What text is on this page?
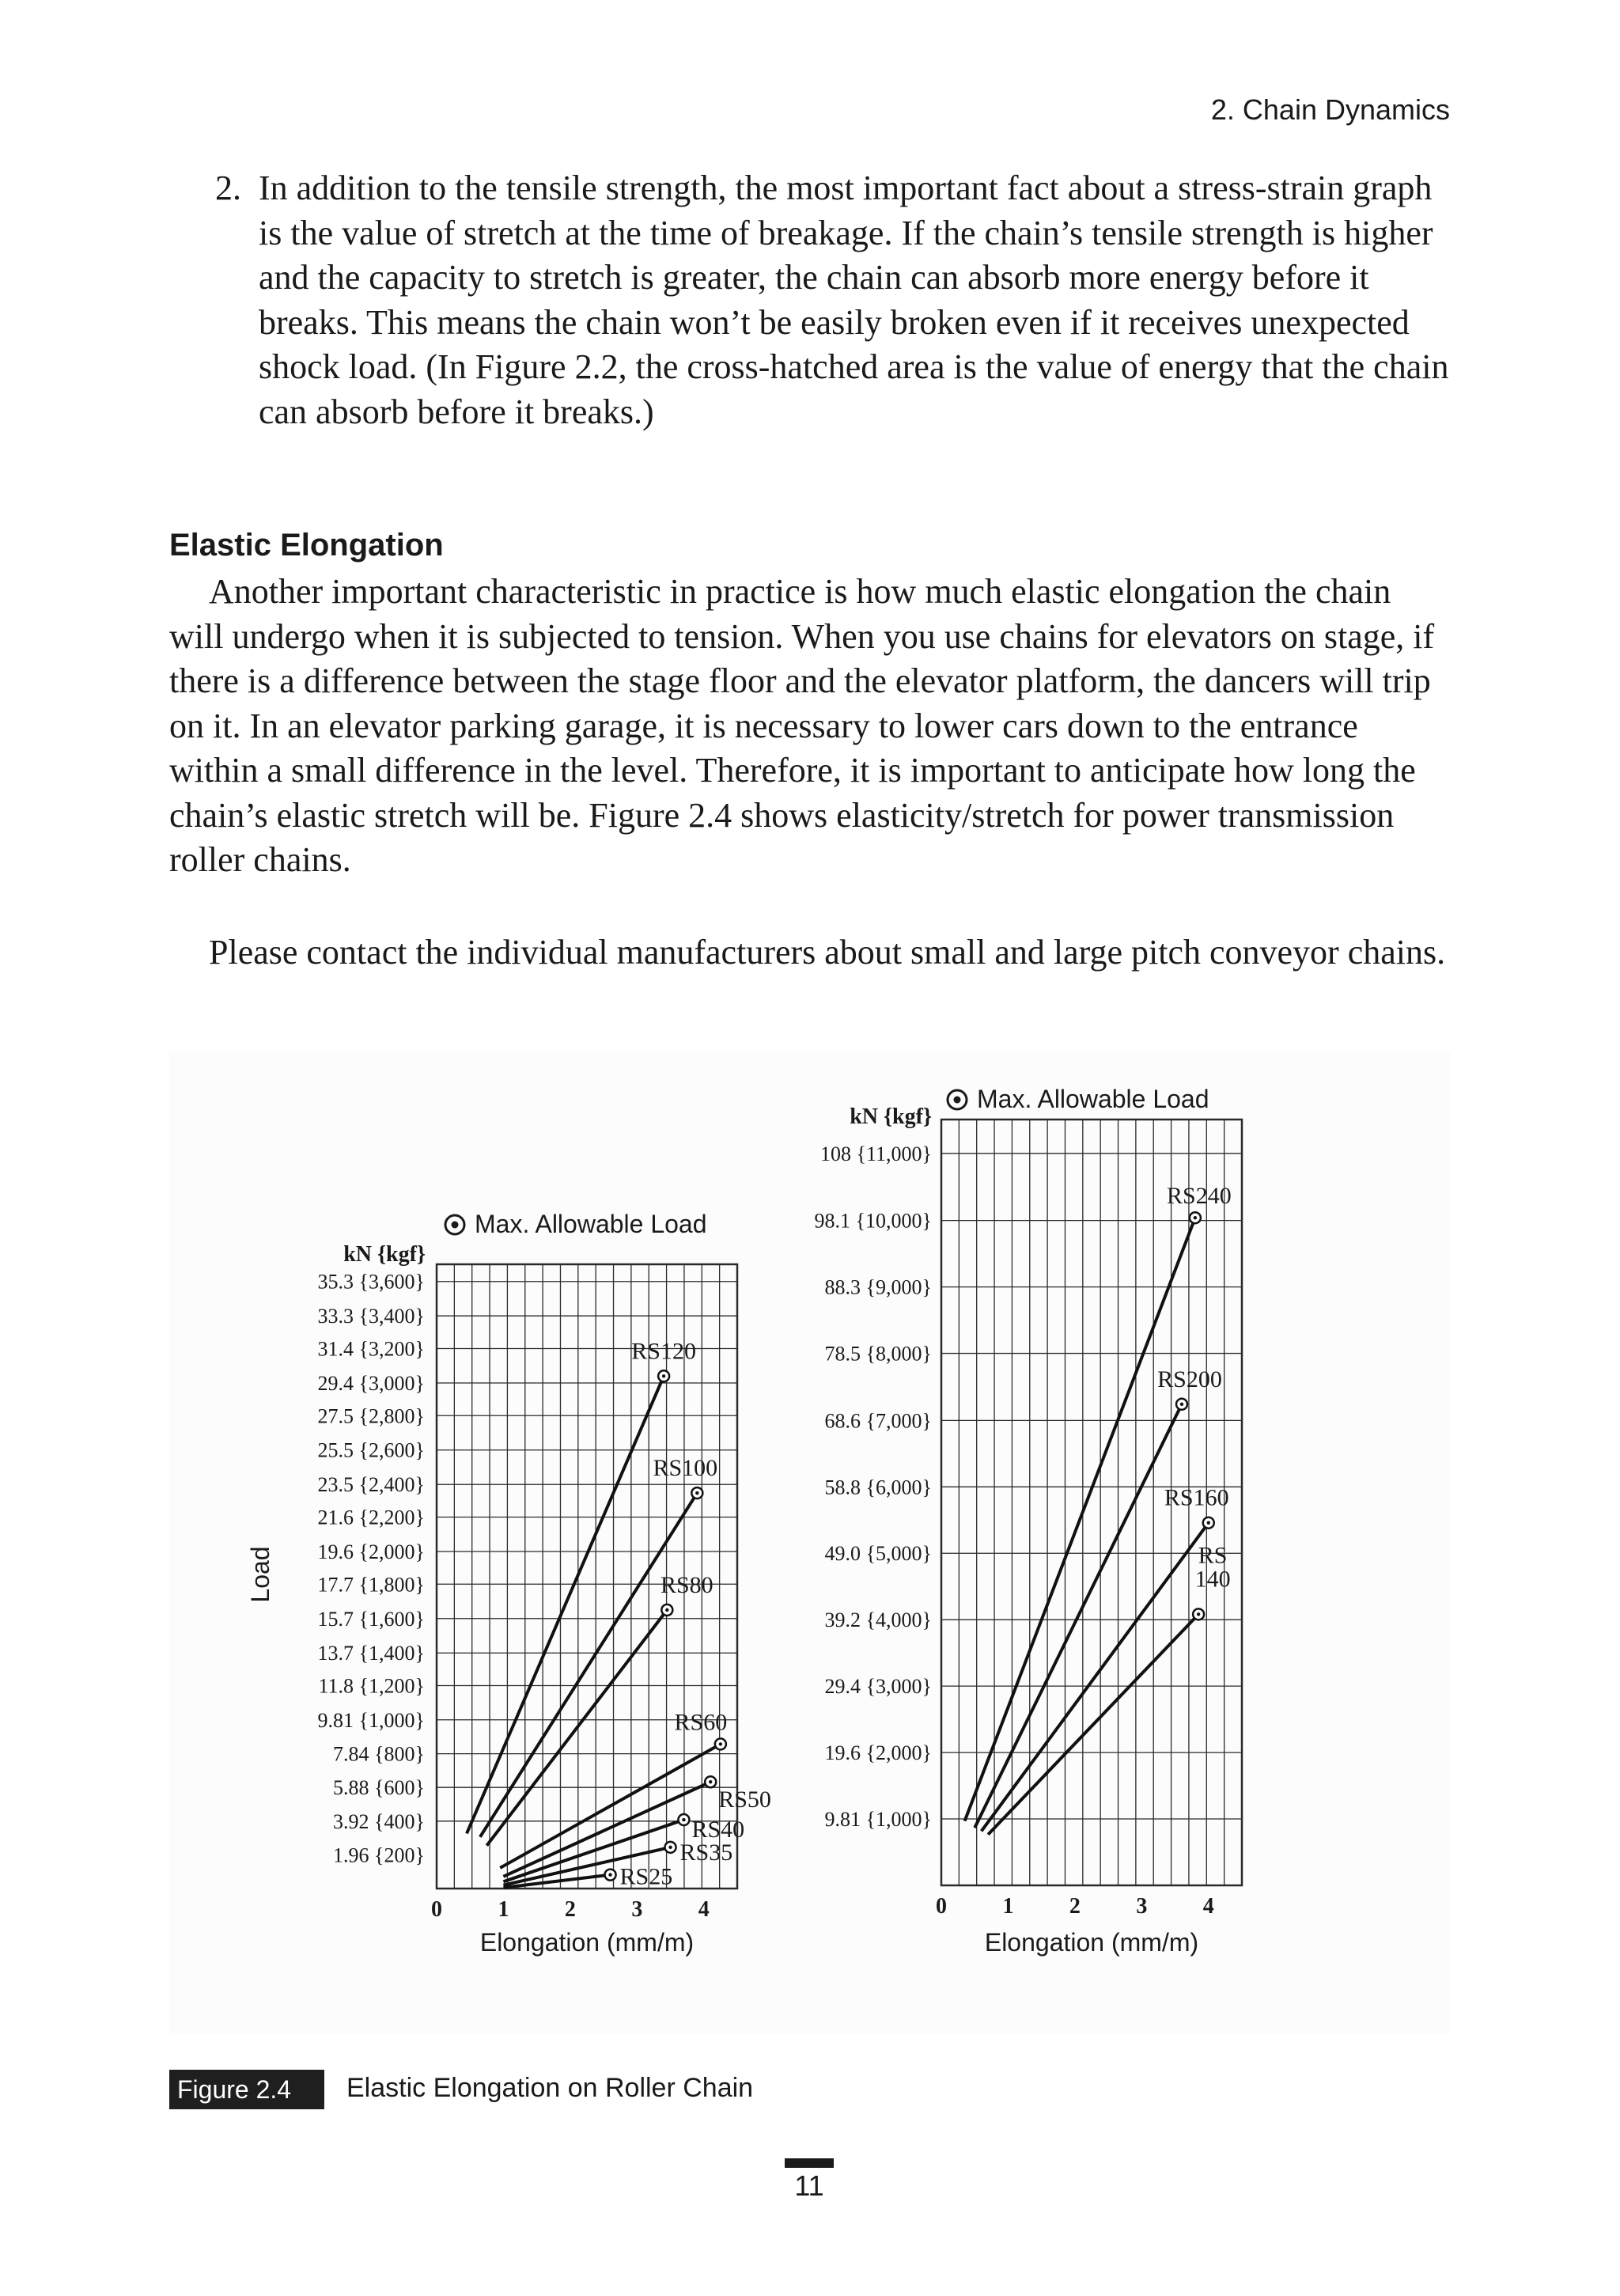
2. Chain Dynamics
2. In addition to the tensile strength, the most important fact about a stress-strain graph is the value of stretch at the time of breakage. If the chain’s tensile strength is higher and the capacity to stretch is greater, the chain can absorb more energy before it breaks. This means the chain won’t be easily broken even if it receives unexpected shock load. (In Figure 2.2, the cross-hatched area is the value of energy that the chain can absorb before it breaks.)
Elastic Elongation

Another important characteristic in practice is how much elastic elongation the chain will undergo when it is subjected to tension. When you use chains for elevators on stage, if there is a difference between the stage floor and the elevator platform, the dancers will trip on it. In an elevator parking garage, it is necessary to lower cars down to the entrance within a small difference in the level. Therefore, it is important to anticipate how long the chain’s elastic stretch will be. Figure 2.4 shows elasticity/stretch for power transmission roller chains.

Please contact the individual manufacturers about small and large pitch conveyor chains.

35.3 {3,600}
33.3 {3,400}
31.4 {3,200}
29.4 {3,000}
27.5 {2,800}
25.5 {2,600}
23.5 {2,400}
21.6 {2,200}
19.6 {2,000}
17.7 {1,800}
15.7 {1,600}
13.7 {1,400}
11.8 {1,200}
9.81 {1,000}
7.84 {800}
5.88 {600}
3.92 {400}
1.96 {200}
0	1	2	3	4
Elongation (mm/m)
Load
kN {kgf}
Max. Allowable Load
RS120
RS100
RS80
RS60
RS50
RS40
RS35
RS25
108 {11,000}
98.1 {10,000}
88.3 {9,000}
78.5 {8,000}
68.6 {7,000}
58.8 {6,000}
49.0 {5,000}
39.2 {4,000}
29.4 {3,000}
19.6 {2,000}
9.81 {1,000}
0	1	2	3	4
Elongation (mm/m)
kN {kgf}
Max. Allowable Load
RS240
RS200
RS160
RS 140
Figure 2.4	Elastic Elongation on Roller Chain
11
